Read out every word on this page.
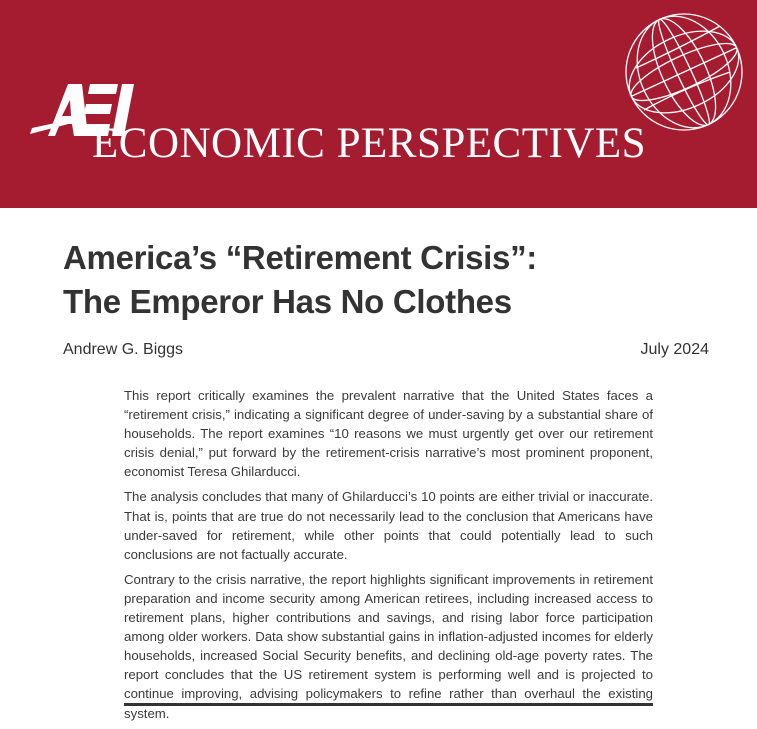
ECONOMIC PERSPECTIVES
America’s “Retirement Crisis”:
The Emperor Has No Clothes
Andrew G. Biggs	July 2024

This report critically examines the prevalent narrative that the United States faces a “retirement crisis,” indicating a significant degree of under-saving by a substantial share of households. The report examines “10 reasons we must urgently get over our retirement crisis denial,” put forward by the retirement-crisis narrative’s most prominent proponent, economist Teresa Ghilarducci.

The analysis concludes that many of Ghilarducci’s 10 points are either trivial or inaccurate. That is, points that are true do not necessarily lead to the conclusion that Americans have under-saved for retirement, while other points that could potentially lead to such conclusions are not factually accurate.

Contrary to the crisis narrative, the report highlights significant improvements in retirement preparation and income security among American retirees, including increased access to retirement plans, higher contributions and savings, and rising labor force participation among older workers. Data show substantial gains in inflation-adjusted incomes for elderly households, increased Social Security benefits, and declining old-age poverty rates. The report concludes that the US retirement system is performing well and is projected to continue improving, advising policymakers to refine rather than overhaul the existing system.
